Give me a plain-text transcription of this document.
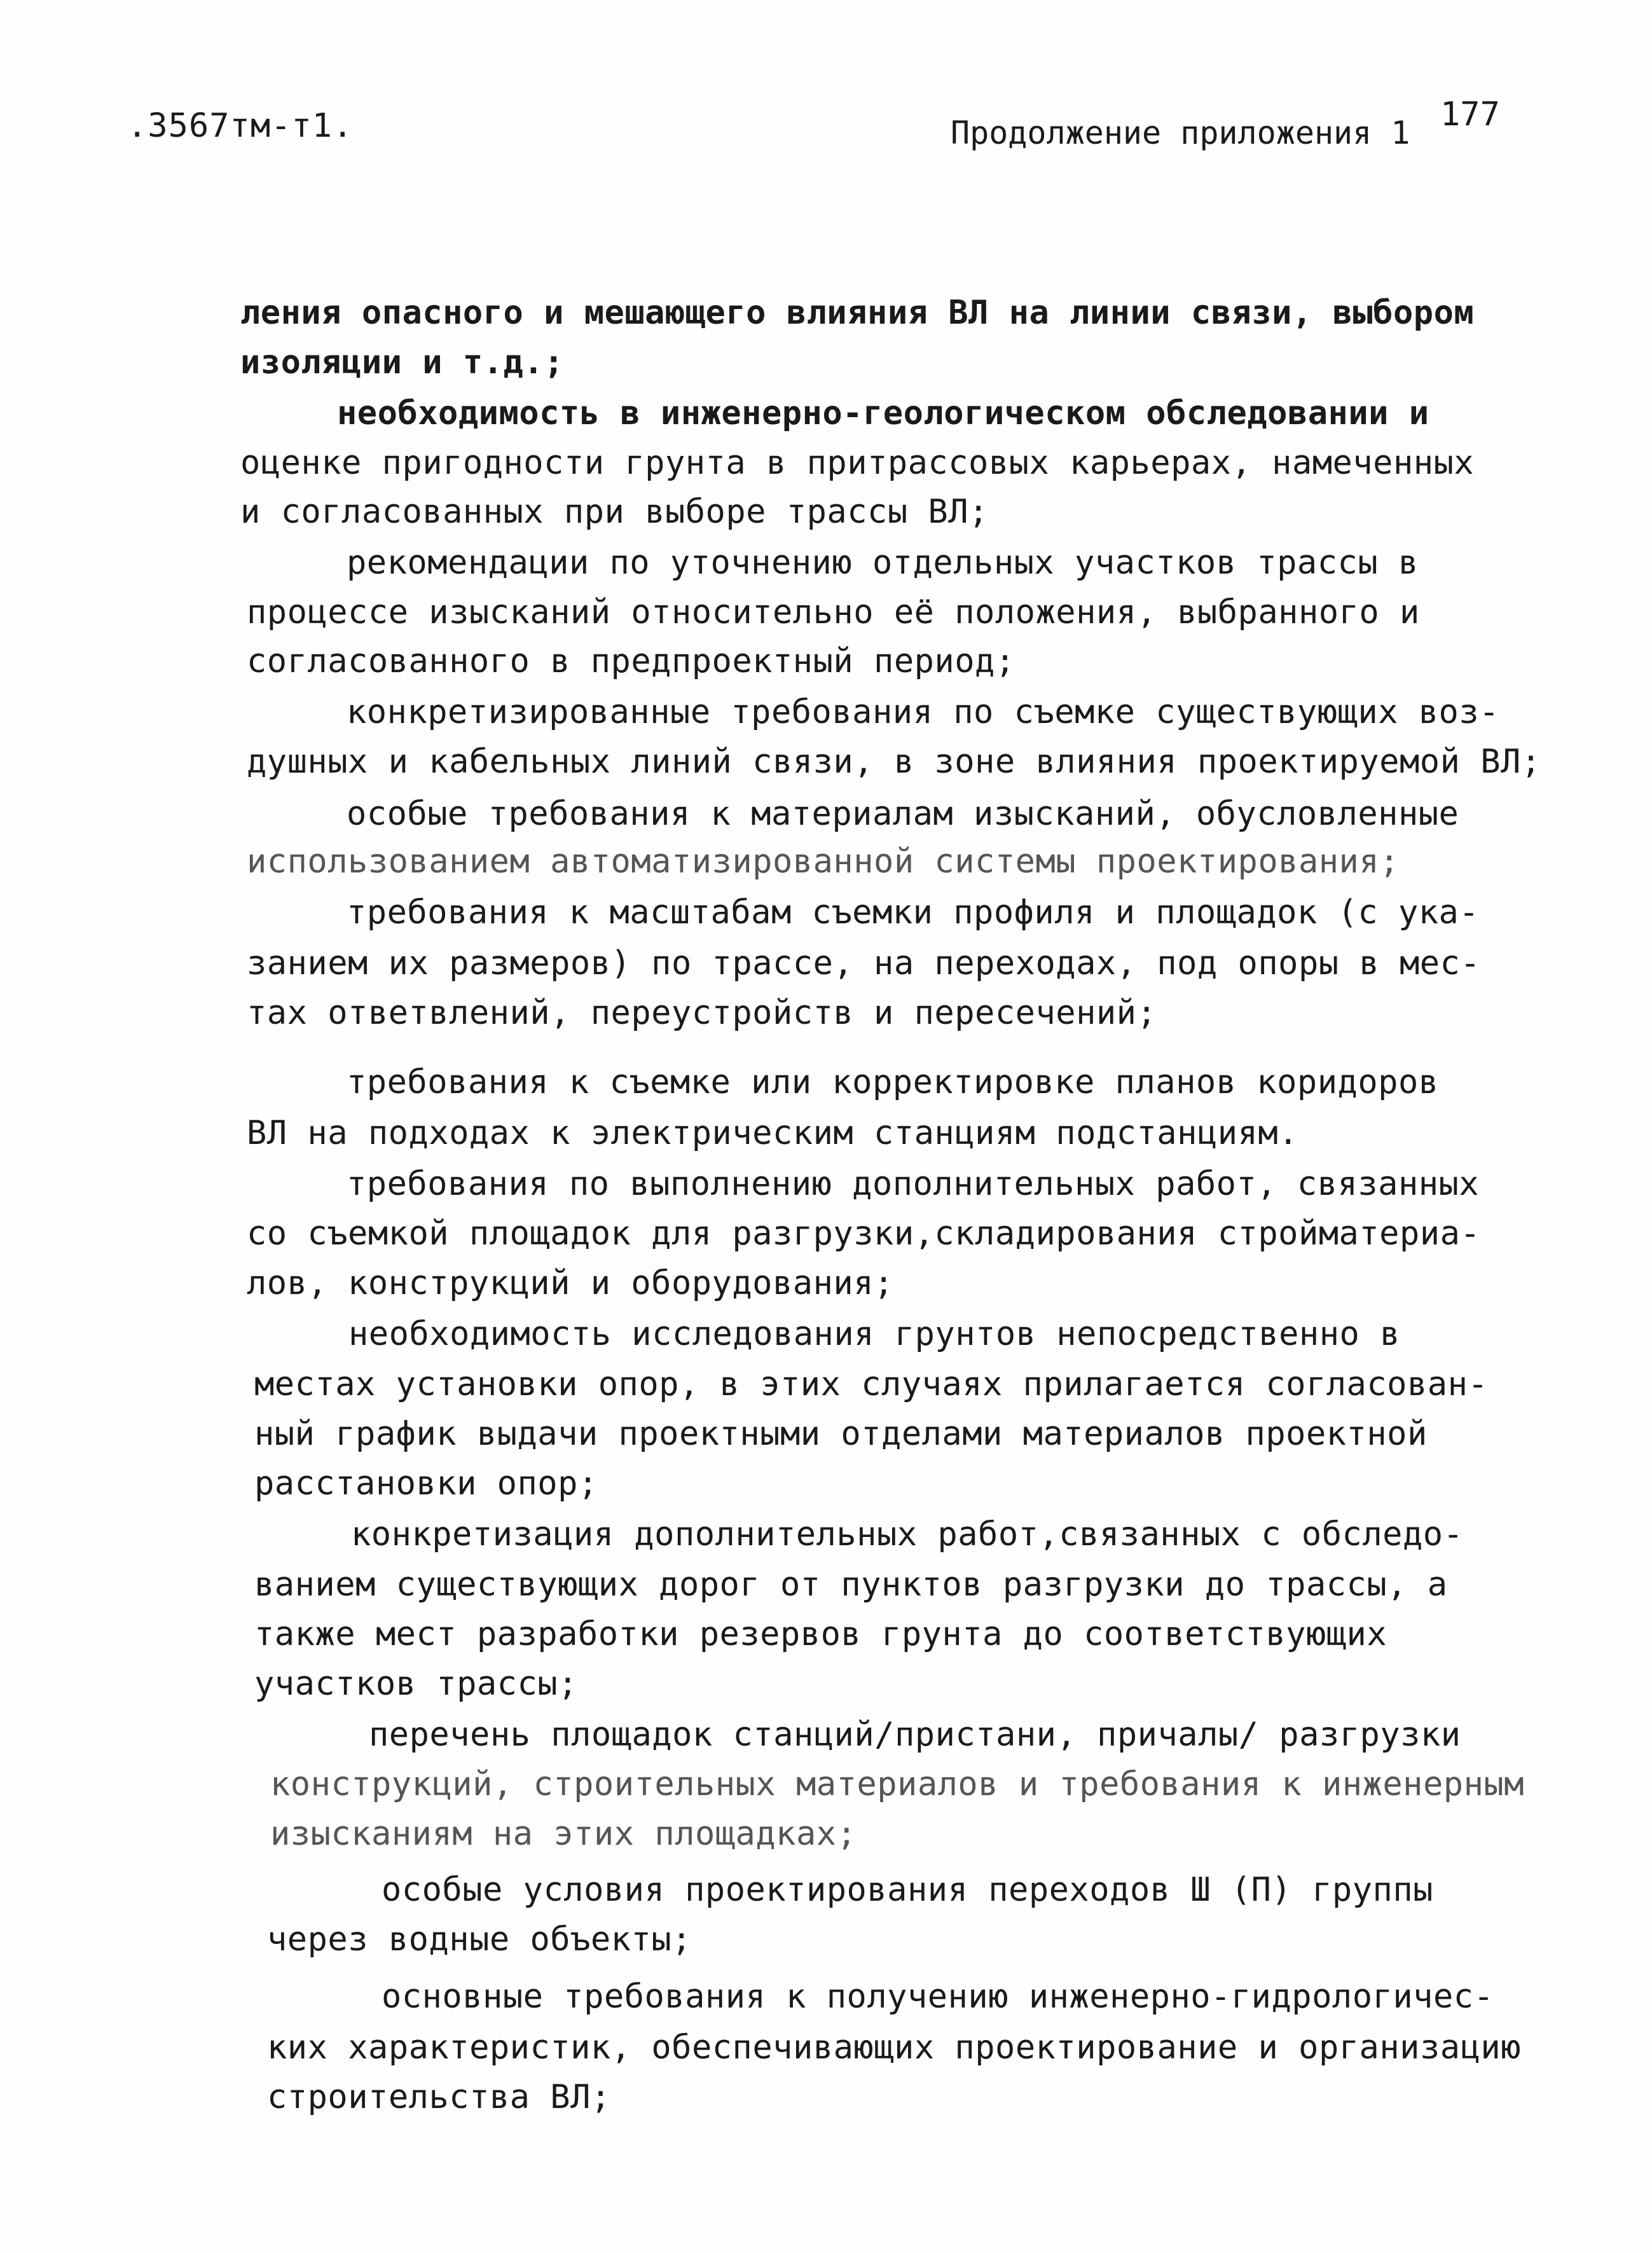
.3567тм-т1.	Продолжение приложения 1 177
ления опасного и мешающего влияния ВЛ на линии связи, выбором
изоляции и т.д.;
необходимость в инженерно-геологическом обследовании и
оценке пригодности грунта в притрассовых карьерах, намеченных
и согласованных при выборе трассы ВЛ;
рекомендации по уточнению отдельных участков трассы в
процессе изысканий относительно её положения, выбранного и
согласованного в предпроектный период;
конкретизированные требования по съемке существующих воз-
душных и кабельных линий связи, в зоне влияния проектируемой ВЛ;
особые требования к материалам изысканий, обусловленные
использованием автоматизированной системы проектирования;
требования к масштабам съемки профиля и площадок (с ука-
занием их размеров) по трассе, на переходах, под опоры в мес-
тах ответвлений, переустройств и пересечений;
требования к съемке или корректировке планов коридоров
ВЛ на подходах к электрическим станциям подстанциям.
требования по выполнению дополнительных работ, связанных
со съемкой площадок для разгрузки,складирования стройматериа-
лов, конструкций и оборудования;
необходимость исследования грунтов непосредственно в
местах установки опор, в этих случаях прилагается согласован-
ный график выдачи проектными отделами материалов проектной
расстановки опор;
конкретизация дополнительных работ,связанных с обследо-
ванием существующих дорог от пунктов разгрузки до трассы, а
также мест разработки резервов грунта до соответствующих
участков трассы;
перечень площадок станций/пристани, причалы/ разгрузки
конструкций, строительных материалов и требования к инженерным
изысканиям на этих площадках;
особые условия проектирования переходов Ш (П) группы
через водные объекты;
основные требования к получению инженерно-гидрологичес-
ких характеристик, обеспечивающих проектирование и организацию
строительства ВЛ;
